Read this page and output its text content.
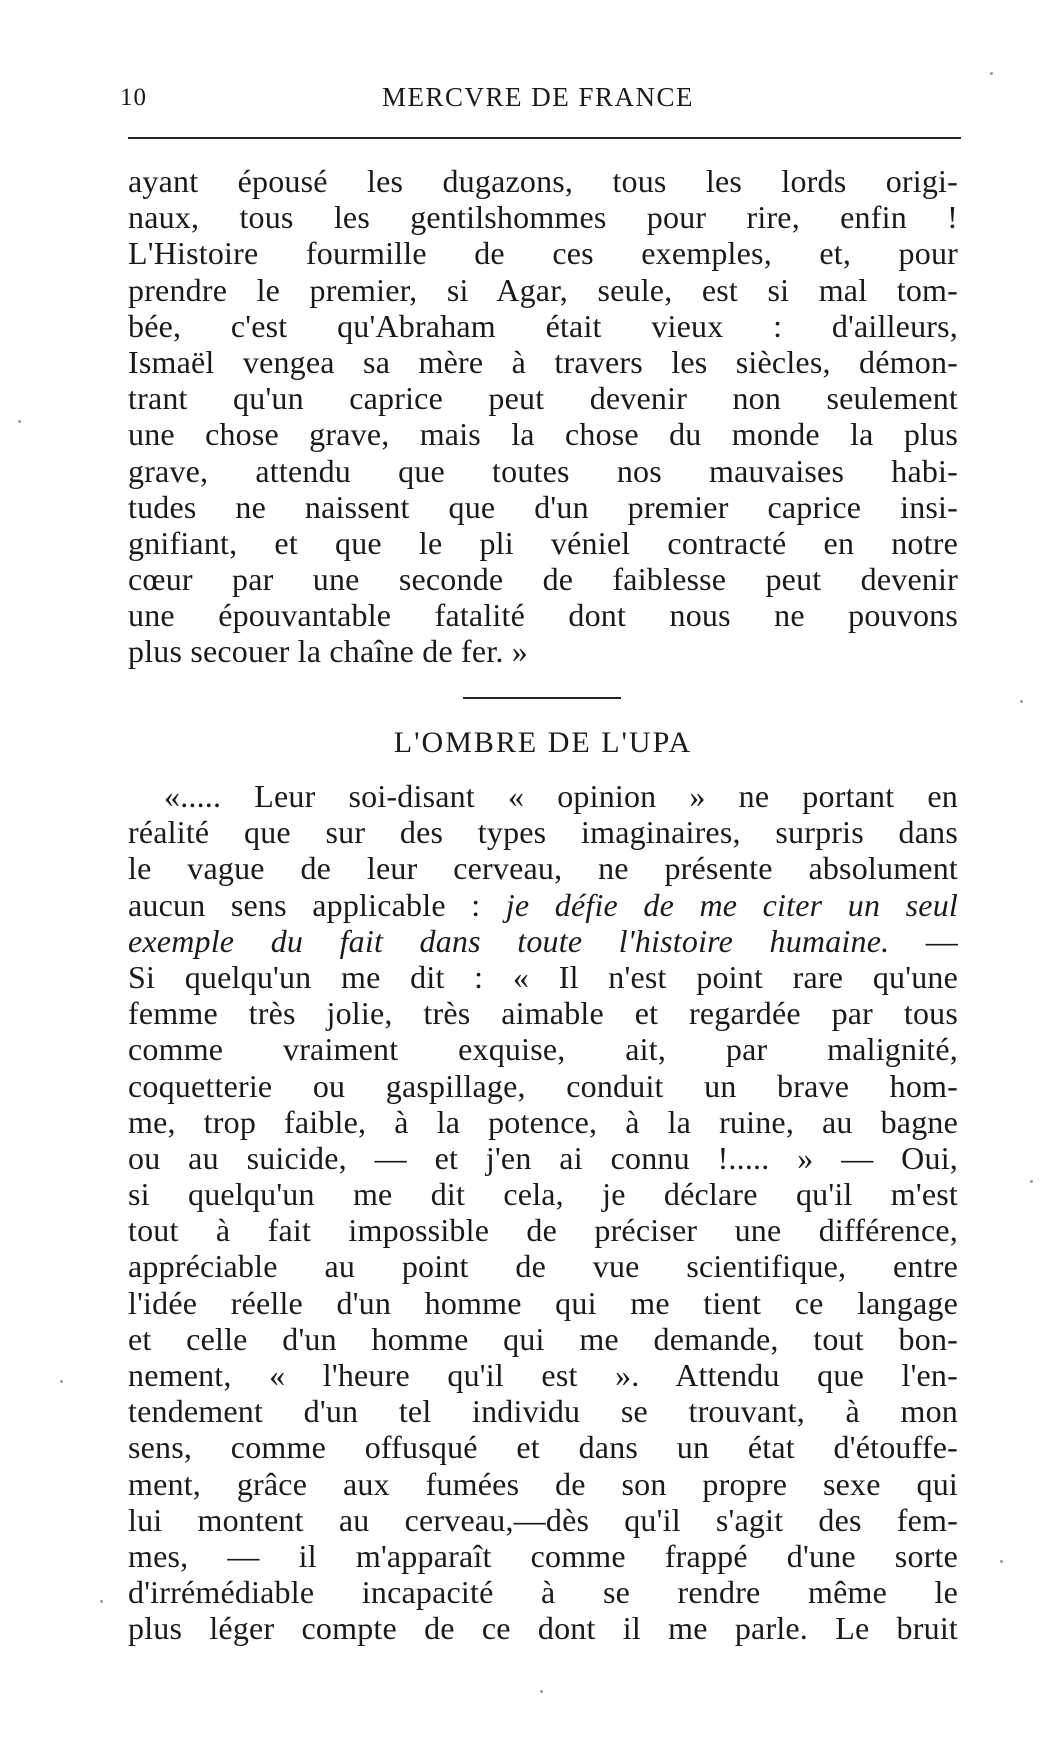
10	MERCVRE DE FRANCE
ayant épousé les dugazons, tous les lords origi-
naux, tous les gentilshommes pour rire, enfin !
L'Histoire fourmille de ces exemples, et, pour
prendre le premier, si Agar, seule, est si mal tom-
bée, c'est qu'Abraham était vieux : d'ailleurs,
Ismaël vengea sa mère à travers les siècles, démon-
trant qu'un caprice peut devenir non seulement
une chose grave, mais la chose du monde la plus
grave, attendu que toutes nos mauvaises habi-
tudes ne naissent que d'un premier caprice insi-
gnifiant, et que le pli véniel contracté en notre
cœur par une seconde de faiblesse peut devenir
une épouvantable fatalité dont nous ne pouvons
plus secouer la chaîne de fer. »
L'OMBRE DE L'UPA
«..... Leur soi-disant « opinion » ne portant en
réalité que sur des types imaginaires, surpris dans
le vague de leur cerveau, ne présente absolument
aucun sens applicable : je défie de me citer un seul
exemple du fait dans toute l'histoire humaine. —
Si quelqu'un me dit : « Il n'est point rare qu'une
femme très jolie, très aimable et regardée par tous
comme vraiment exquise, ait, par malignité,
coquetterie ou gaspillage, conduit un brave hom-
me, trop faible, à la potence, à la ruine, au bagne
ou au suicide, — et j'en ai connu !..... » — Oui,
si quelqu'un me dit cela, je déclare qu'il m'est
tout à fait impossible de préciser une différence,
appréciable au point de vue scientifique, entre
l'idée réelle d'un homme qui me tient ce langage
et celle d'un homme qui me demande, tout bon-
nement, « l'heure qu'il est ». Attendu que l'en-
tendement d'un tel individu se trouvant, à mon
sens, comme offusqué et dans un état d'étouffe-
ment, grâce aux fumées de son propre sexe qui
lui montent au cerveau,—dès qu'il s'agit des fem-
mes, — il m'apparaît comme frappé d'une sorte
d'irrémédiable incapacité à se rendre même le
plus léger compte de ce dont il me parle. Le bruit
